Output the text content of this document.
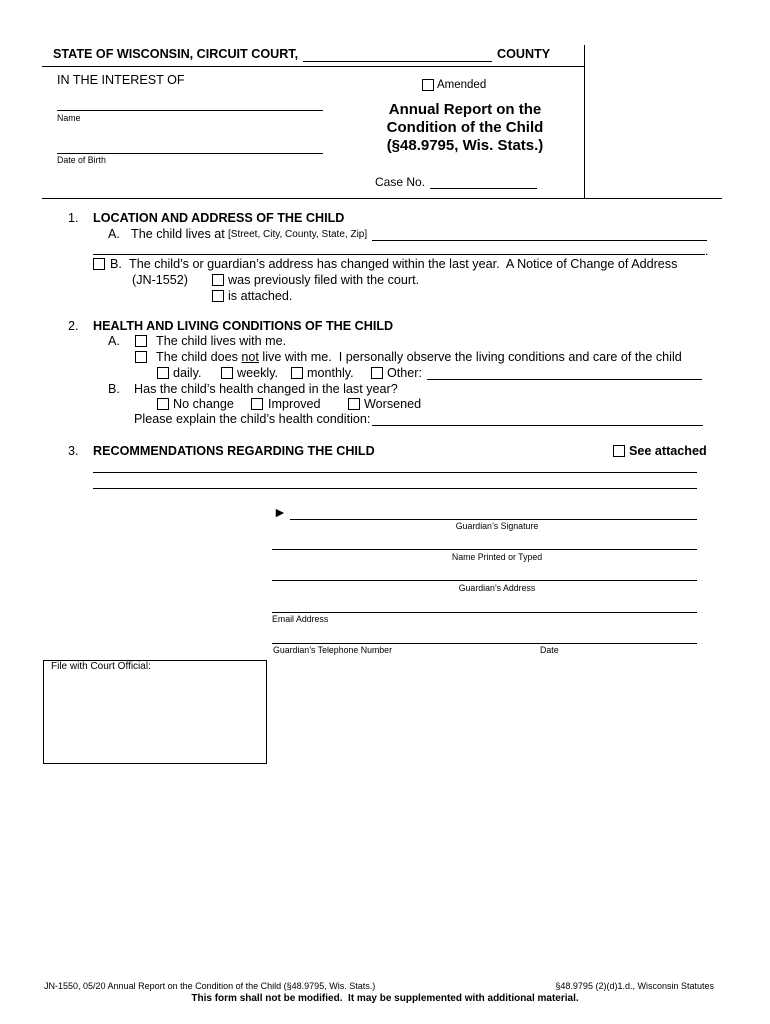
STATE OF WISCONSIN, CIRCUIT COURT,	COUNTY
IN THE INTEREST OF	Amended
Name
Date of Birth
Annual Report on the
Condition of the Child
(§48.9795, Wis. Stats.)
Case No.
1. LOCATION AND ADDRESS OF THE CHILD
A. The child lives at [Street, City, County, State, Zip]
.
B. The child’s or guardian’s address has changed within the last year.  A Notice of Change of Address
(JN-1552)	was previously filed with the court.
is attached.
2. HEALTH AND LIVING CONDITIONS OF THE CHILD
A.	The child lives with me.
The child does not live with me.  I personally observe the living conditions and care of the child
daily.	weekly. monthly.	Other:
B. Has the child’s health changed in the last year?
No change	Improved	Worsened
Please explain the child’s health condition:
3. RECOMMENDATIONS REGARDING THE CHILD	See attached
►
Guardian’s Signature
Name Printed or Typed
Guardian’s Address
Email Address
Guardian’s Telephone Number	Date
File with Court Official:
JN-1550, 05/20 Annual Report on the Condition of the Child (§48.9795, Wis. Stats.)	§48.9795 (2)(d)1.d., Wisconsin Statutes
This form shall not be modified.  It may be supplemented with additional material.
